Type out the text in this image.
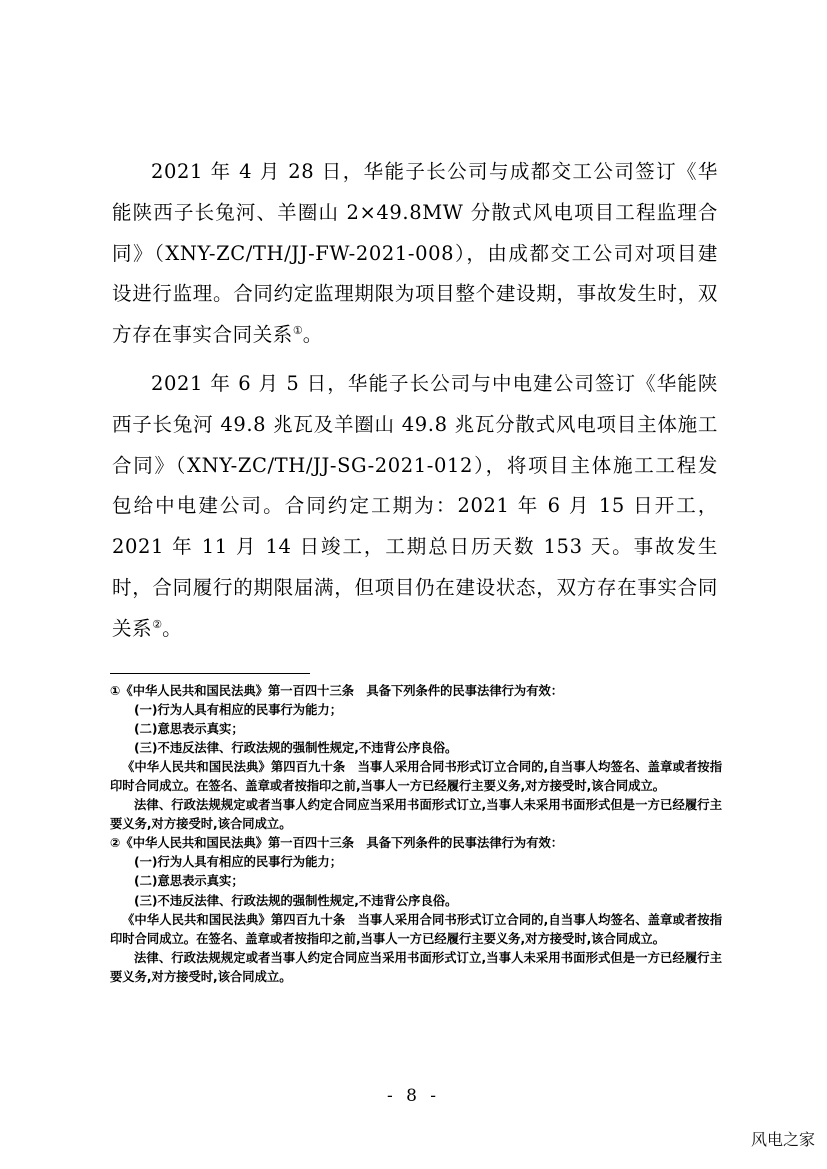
2021 年 4 月 28 日，华能子长公司与成都交工公司签订《华能陕西子长兔河、羊圈山 2×49.8MW 分散式风电项目工程监理合同》（XNY-ZC/TH/JJ-FW-2021-008），由成都交工公司对项目建设进行监理。合同约定监理期限为项目整个建设期，事故发生时，双方存在事实合同关系①。

2021 年 6 月 5 日，华能子长公司与中电建公司签订《华能陕西子长兔河 49.8 兆瓦及羊圈山 49.8 兆瓦分散式风电项目主体施工合同》（XNY-ZC/TH/JJ-SG-2021-012），将项目主体施工工程发包给中电建公司。合同约定工期为：2021 年 6 月 15 日开工，2021 年 11 月 14 日竣工，工期总日历天数 153 天。事故发生时，合同履行的期限届满，但项目仍在建设状态，双方存在事实合同关系②。

①《中华人民共和国民法典》第一百四十三条　具备下列条件的民事法律行为有效：
(一)行为人具有相应的民事行为能力；
(二)意思表示真实；
(三)不违反法律、行政法规的强制性规定,不违背公序良俗。
《中华人民共和国民法典》第四百九十条　当事人采用合同书形式订立合同的,自当事人均签名、盖章或者按指印时合同成立。在签名、盖章或者按指印之前,当事人一方已经履行主要义务,对方接受时,该合同成立。
法律、行政法规规定或者当事人约定合同应当采用书面形式订立,当事人未采用书面形式但是一方已经履行主要义务,对方接受时,该合同成立。
②《中华人民共和国民法典》第一百四十三条　具备下列条件的民事法律行为有效：
(一)行为人具有相应的民事行为能力；
(二)意思表示真实；
(三)不违反法律、行政法规的强制性规定,不违背公序良俗。
《中华人民共和国民法典》第四百九十条　当事人采用合同书形式订立合同的,自当事人均签名、盖章或者按指印时合同成立。在签名、盖章或者按指印之前,当事人一方已经履行主要义务,对方接受时,该合同成立。
法律、行政法规规定或者当事人约定合同应当采用书面形式订立,当事人未采用书面形式但是一方已经履行主要义务,对方接受时,该合同成立。
- 8 -
风电之家
